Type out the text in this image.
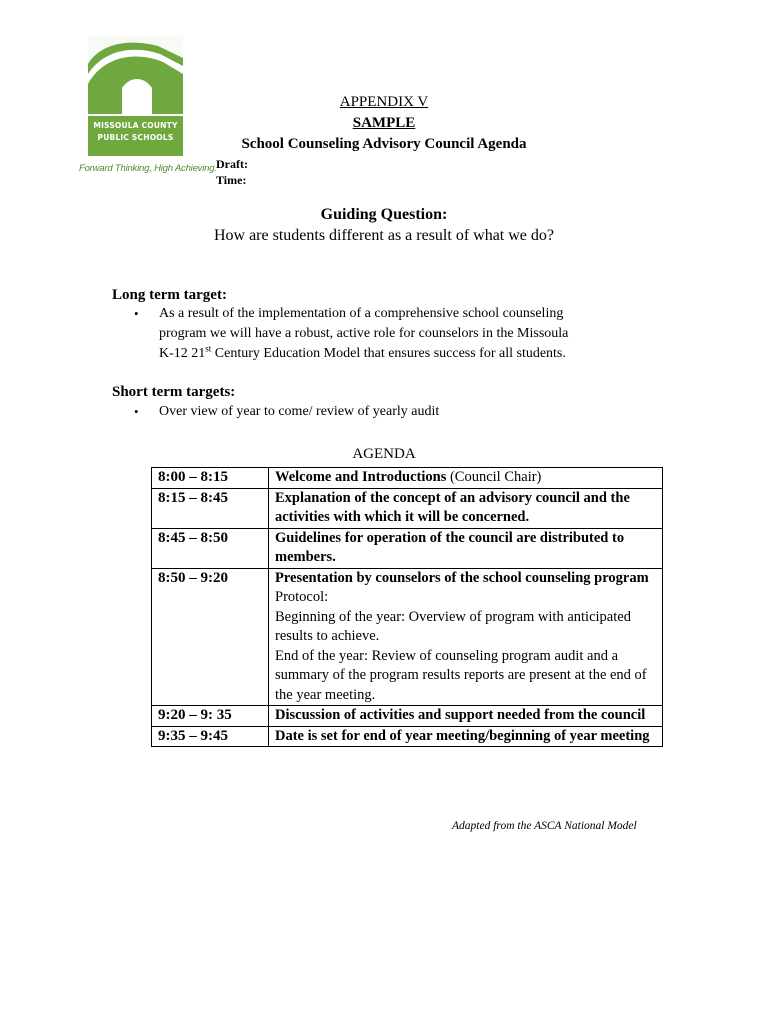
MISSOULA COUNTY
PUBLIC SCHOOLS
Forward Thinking, High Achieving.
APPENDIX V
SAMPLE
School Counseling Advisory Council Agenda
Draft:
Time:
Guiding Question:
How are students different as a result of what we do?
Long term target:
• As a result of the implementation of a comprehensive school counseling
program we will have a robust, active role for counselors in the Missoula
K-12 21st Century Education Model that ensures success for all students.
Short term targets:
• Over view of year to come/ review of yearly audit
AGENDA
8:00 – 8:15	Welcome and Introductions (Council Chair)
8:15 – 8:45	Explanation of the concept of an advisory council and the activities with which it will be concerned.
8:45 – 8:50	Guidelines for operation of the council are distributed to members.
8:50 – 9:20	Presentation by counselors of the school counseling program
Protocol:
Beginning of the year: Overview of program with anticipated results to achieve.
End of the year: Review of counseling program audit and a summary of the program results reports are present at the end of the year meeting.

9:20 – 9: 35	Discussion of activities and support needed from the council
9:35 – 9:45	Date is set for end of year meeting/beginning of year meeting
Adapted from the ASCA National Model
